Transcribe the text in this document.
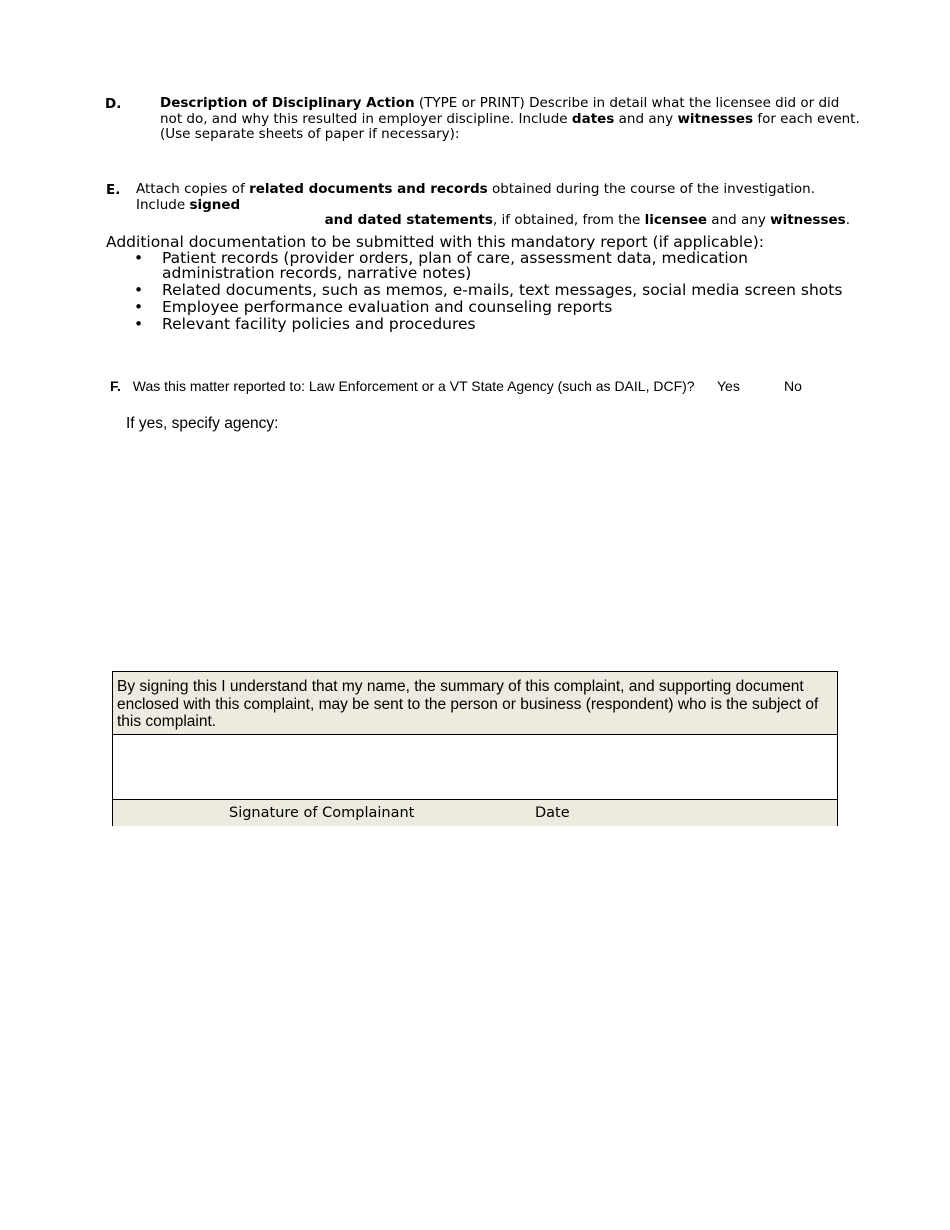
D.	Description of Disciplinary Action (TYPE or PRINT) Describe in detail what the licensee did or did not do, and why this resulted in employer discipline. Include dates and any witnesses for each event. (Use separate sheets of paper if necessary):
E. Attach copies of related documents and records obtained during the course of the investigation. Include signed
and dated statements, if obtained, from the licensee and any witnesses.
Additional documentation to be submitted with this mandatory report (if applicable):
• Patient records (provider orders, plan of care, assessment data, medication administration records, narrative notes)
• Related documents, such as memos, e-mails, text messages, social media screen shots
• Employee performance evaluation and counseling reports
• Relevant facility policies and procedures
F. Was this matter reported to: Law Enforcement or a VT State Agency (such as DAIL, DCF)? Yes	No
If yes, specify agency:
By signing this I understand that my name, the summary of this complaint, and supporting document enclosed with this complaint, may be sent to the person or business (respondent) who is the subject of this complaint.
Signature of Complainant	Date
